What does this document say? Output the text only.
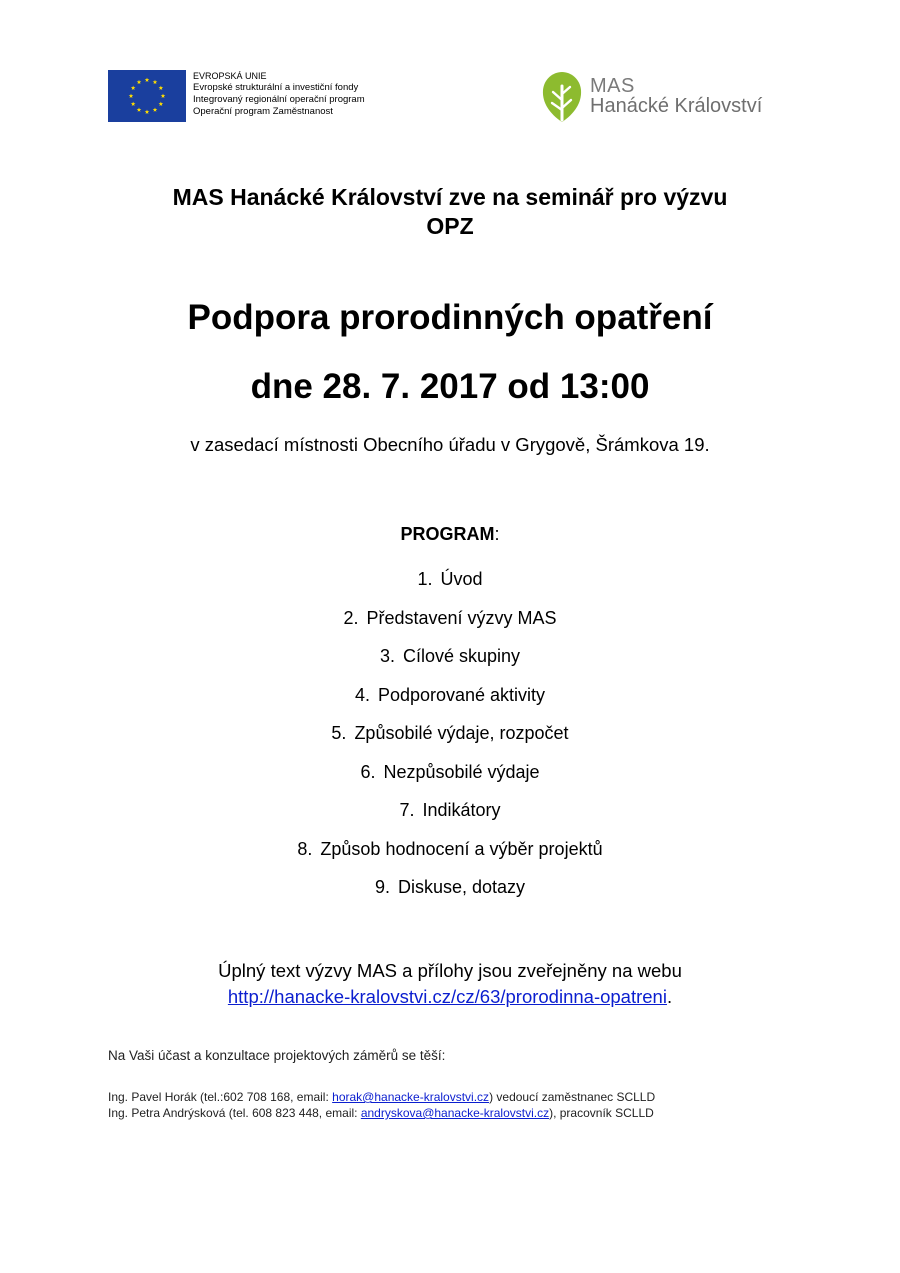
EVROPSKÁ UNIE
Evropské strukturální a investiční fondy
Integrovaný regionální operační program
Operační program Zaměstnanost
MAS
Hanácké Království
MAS Hanácké Království zve na seminář pro výzvu
OPZ
Podpora prorodinných opatření
dne 28. 7. 2017 od 13:00
v zasedací místnosti Obecního úřadu v Grygově, Šrámkova 19.
PROGRAM:
1. Úvod
2. Představení výzvy MAS
3. Cílové skupiny
4. Podporované aktivity
5. Způsobilé výdaje, rozpočet
6. Nezpůsobilé výdaje
7. Indikátory
8. Způsob hodnocení a výběr projektů
9. Diskuse, dotazy
Úplný text výzvy MAS a přílohy jsou zveřejněny na webu
http://hanacke-kralovstvi.cz/cz/63/prorodinna-opatreni.
Na Vaši účast a konzultace projektových záměrů se těší:
Ing. Pavel Horák (tel.:602 708 168, email: horak@hanacke-kralovstvi.cz) vedoucí zaměstnanec SCLLD
Ing. Petra Andrýsková (tel. 608 823 448, email: andryskova@hanacke-kralovstvi.cz), pracovník SCLLD
